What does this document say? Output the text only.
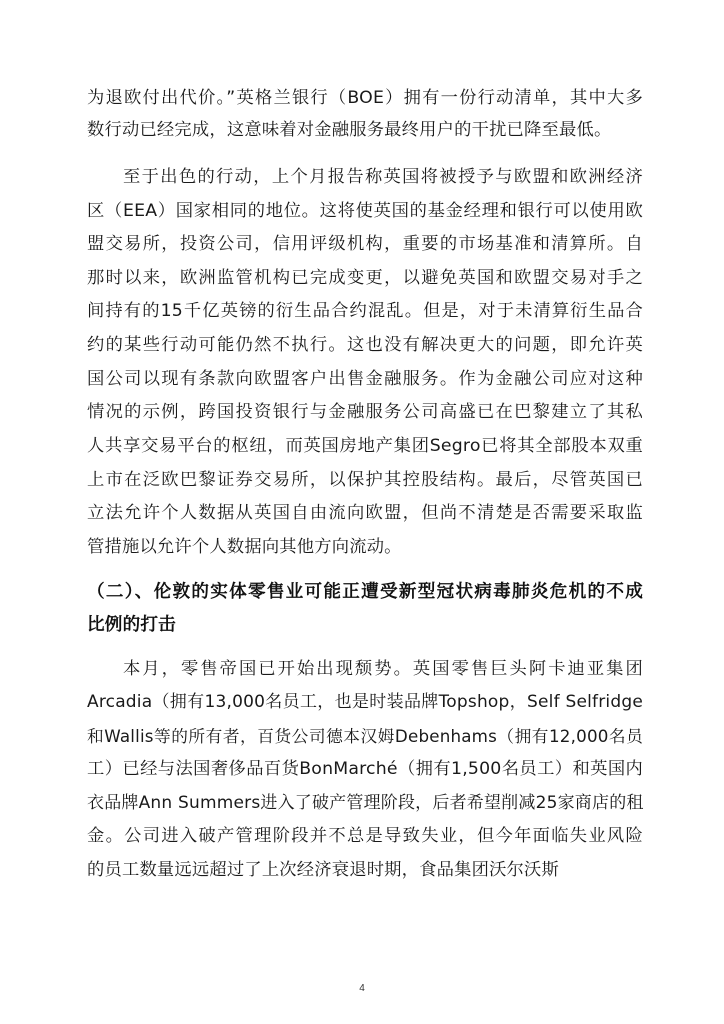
为退欧付出代价。”英格兰银行（BOE）拥有一份行动清单，其中大多
数行动已经完成，这意味着对金融服务最终用户的干扰已降至最低。
至于出色的行动，上个月报告称英国将被授予与欧盟和欧洲经济
区（EEA）国家相同的地位。这将使英国的基金经理和银行可以使用欧
盟交易所，投资公司，信用评级机构，重要的市场基准和清算所。自
那时以来，欧洲监管机构已完成变更，以避免英国和欧盟交易对手之
间持有的15千亿英镑的衍生品合约混乱。但是，对于未清算衍生品合
约的某些行动可能仍然不执行。这也没有解决更大的问题，即允许英
国公司以现有条款向欧盟客户出售金融服务。作为金融公司应对这种
情况的示例，跨国投资银行与金融服务公司高盛已在巴黎建立了其私
人共享交易平台的枢纽，而英国房地产集团Segro已将其全部股本双重
上市在泛欧巴黎证券交易所，以保护其控股结构。最后，尽管英国已
立法允许个人数据从英国自由流向欧盟，但尚不清楚是否需要采取监
管措施以允许个人数据向其他方向流动。
（二）、伦敦的实体零售业可能正遭受新型冠状病毒肺炎危机的不成
比例的打击
本月，零售帝国已开始出现颓势。英国零售巨头阿卡迪亚集团
Arcadia（拥有13,000名员工，也是时装品牌Topshop，Self Selfridge
和Wallis等的所有者，百货公司德本汉姆Debenhams（拥有12,000名员
工）已经与法国奢侈品百货BonMarché（拥有1,500名员工）和英国内
衣品牌Ann Summers进入了破产管理阶段，后者希望削减25家商店的租
金。公司进入破产管理阶段并不总是导致失业，但今年面临失业风险
的员工数量远远超过了上次经济衰退时期，食品集团沃尔沃斯
4
